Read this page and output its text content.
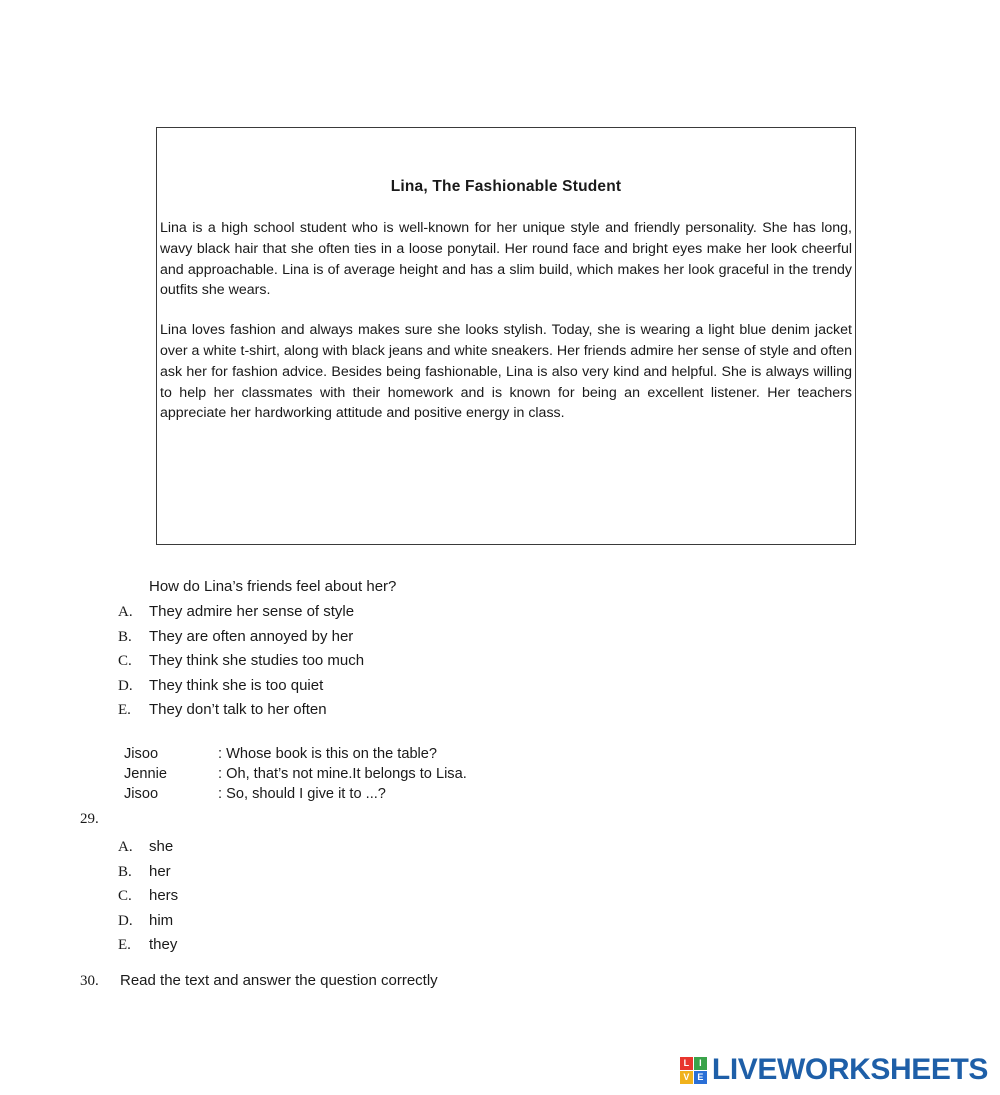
Lina, The Fashionable Student

Lina is a high school student who is well-known for her unique style and friendly personality. She has long, wavy black hair that she often ties in a loose ponytail. Her round face and bright eyes make her look cheerful and approachable. Lina is of average height and has a slim build, which makes her look graceful in the trendy outfits she wears.

Lina loves fashion and always makes sure she looks stylish. Today, she is wearing a light blue denim jacket over a white t-shirt, along with black jeans and white sneakers. Her friends admire her sense of style and often ask her for fashion advice. Besides being fashionable, Lina is also very kind and helpful. She is always willing to help her classmates with their homework and is known for being an excellent listener. Her teachers appreciate her hardworking attitude and positive energy in class.

How do Lina’s friends feel about her?
A.	They admire her sense of style
B.	They are often annoyed by her
C.	They think she studies too much
D.	They think she is too quiet
E.	They don’t talk to her often
Jisoo	: Whose book is this on the table?
Jennie	: Oh, that’s not mine.It belongs to Lisa.
Jisoo	: So, should I give it to ...?
29.
A.	she
B.	her
C.	hers
D.	him
E.	they
30.	Read the text and answer the question correctly
L	I
V E LIVEWORKSHEETS
